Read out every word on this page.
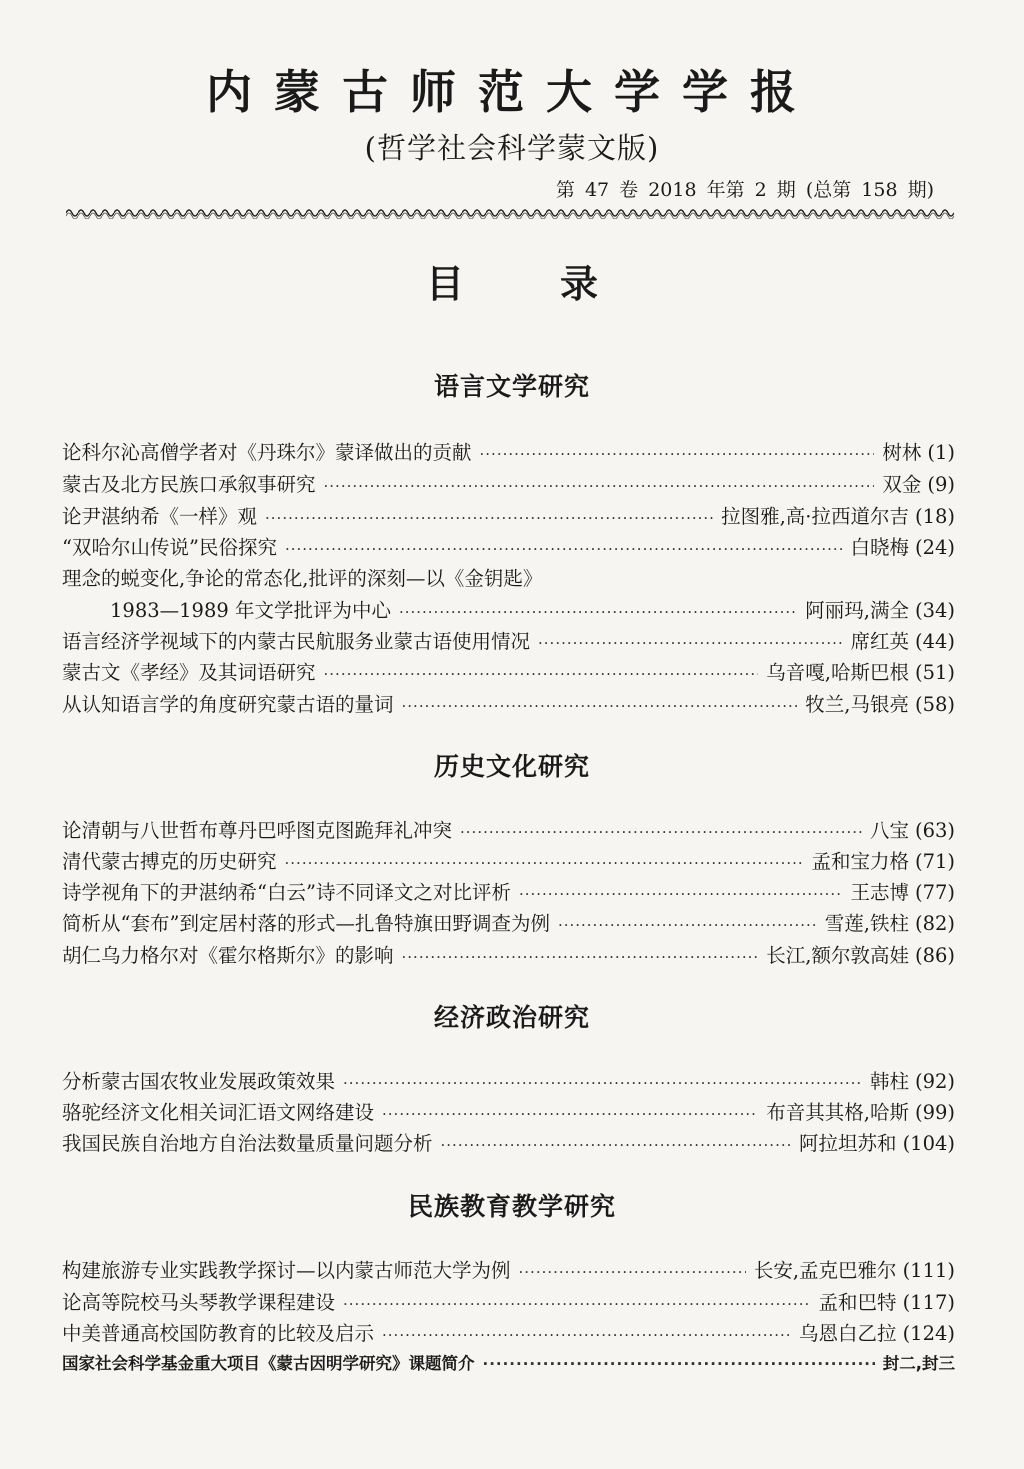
内蒙古师范大学学报
(哲学社会科学蒙文版)
第 47 卷 2018 年第 2 期 (总第 158 期)
目	录
语言文学研究
论科尔沁高僧学者对《丹珠尔》蒙译做出的贡献 ·····	树林 (1)
蒙古及北方民族口承叙事研究 ·····	双金 (9)
论尹湛纳希《一样》观 ·····	拉图雅,高·拉西道尔吉 (18)
“双哈尔山传说”民俗探究 ·····	白晓梅 (24)
理念的蜕变化,争论的常态化,批评的深刻—以《金钥匙》
1983—1989 年文学批评为中心 ·····	阿丽玛,满全 (34)
语言经济学视域下的内蒙古民航服务业蒙古语使用情况 ·····	席红英 (44)
蒙古文《孝经》及其词语研究 ·····	乌音嘎,哈斯巴根 (51)
从认知语言学的角度研究蒙古语的量词 ·····	牧兰,马银亮 (58)
历史文化研究
论清朝与八世哲布尊丹巴呼图克图跪拜礼冲突 ·····	八宝 (63)
清代蒙古搏克的历史研究 ·····	孟和宝力格 (71)
诗学视角下的尹湛纳希“白云”诗不同译文之对比评析 ·····	王志博 (77)
简析从“套布”到定居村落的形式—扎鲁特旗田野调查为例 ·····	雪莲,铁柱 (82)
胡仁乌力格尔对《霍尔格斯尔》的影响 ·····	长江,额尔敦高娃 (86)
经济政治研究
分析蒙古国农牧业发展政策效果 ·····	韩柱 (92)
骆驼经济文化相关词汇语文网络建设 ·····	布音其其格,哈斯 (99)
我国民族自治地方自治法数量质量问题分析 ·····	阿拉坦苏和 (104)
民族教育教学研究
构建旅游专业实践教学探讨—以内蒙古师范大学为例 ·····	长安,孟克巴雅尔 (111)
论高等院校马头琴教学课程建设 ·····	孟和巴特 (117)
中美普通高校国防教育的比较及启示 ·····	乌恩白乙拉 (124)
国家社会科学基金重大项目《蒙古因明学研究》课题简介 ·····	封二,封三
